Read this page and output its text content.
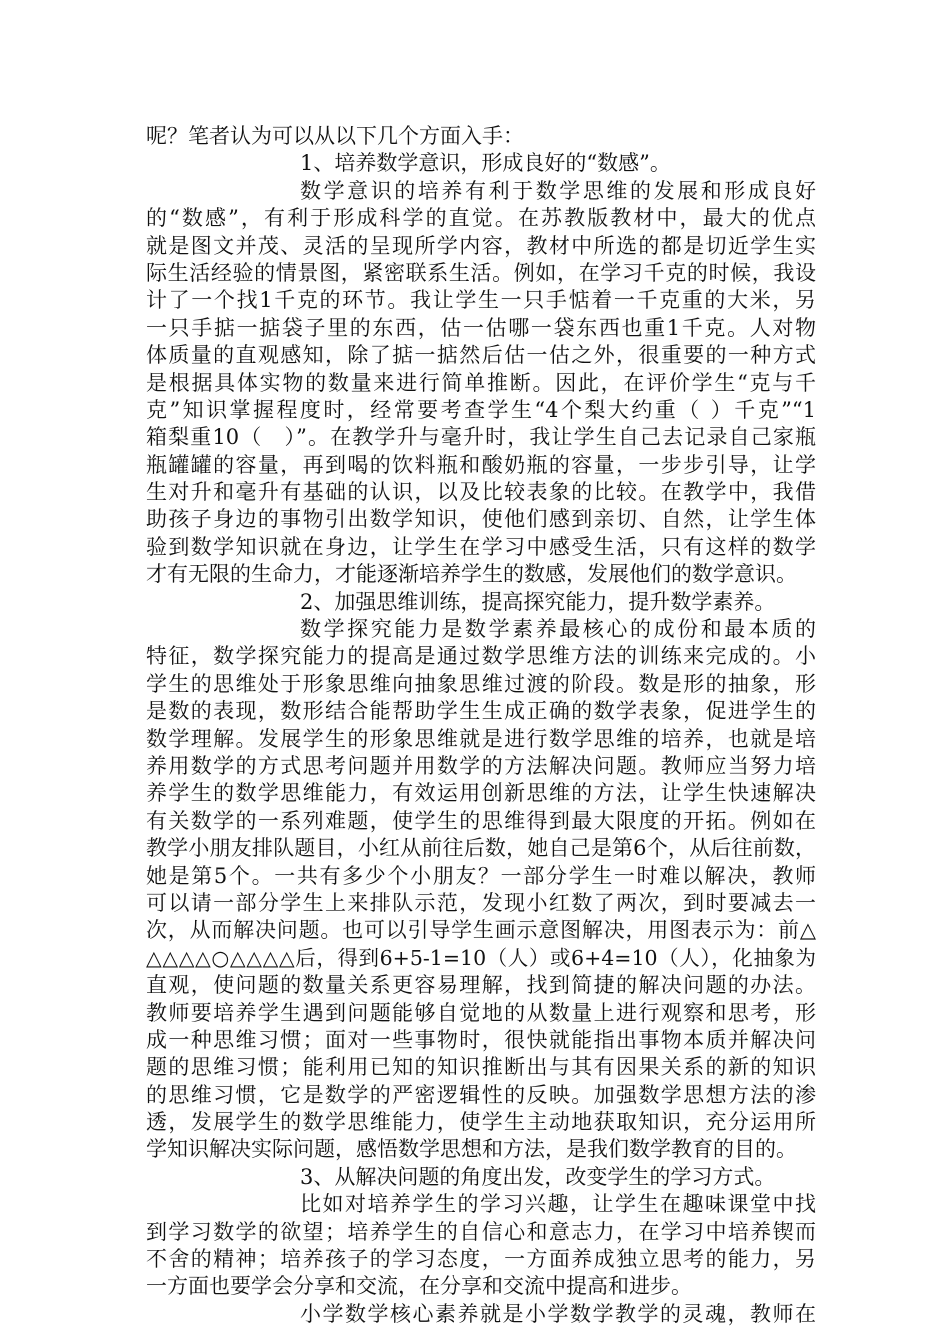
呢？笔者认为可以从以下几个方面入手：
1、培养数学意识，形成良好的“数感”。
数学意识的培养有利于数学思维的发展和形成良好
的“数感”，有利于形成科学的直觉。在苏教版教材中，最大的优点
就是图文并茂、灵活的呈现所学内容，教材中所选的都是切近学生实
际生活经验的情景图，紧密联系生活。例如，在学习千克的时候，我设
计了一个找1千克的环节。我让学生一只手惦着一千克重的大米，另
一只手掂一掂袋子里的东西，估一估哪一袋东西也重1千克。人对物
体质量的直观感知，除了掂一掂然后估一估之外，很重要的一种方式
是根据具体实物的数量来进行简单推断。因此，在评价学生“克与千
克”知识掌握程度时，经常要考查学生“4个梨大约重（ ）千克”“1
箱梨重10（　）”。在教学升与毫升时，我让学生自己去记录自己家瓶
瓶罐罐的容量，再到喝的饮料瓶和酸奶瓶的容量，一步步引导，让学
生对升和毫升有基础的认识，以及比较表象的比较。在教学中，我借
助孩子身边的事物引出数学知识，使他们感到亲切、自然，让学生体
验到数学知识就在身边，让学生在学习中感受生活，只有这样的数学
才有无限的生命力，才能逐渐培养学生的数感，发展他们的数学意识。
2、加强思维训练，提高探究能力，提升数学素养。
数学探究能力是数学素养最核心的成份和最本质的
特征，数学探究能力的提高是通过数学思维方法的训练来完成的。小
学生的思维处于形象思维向抽象思维过渡的阶段。数是形的抽象，形
是数的表现，数形结合能帮助学生生成正确的数学表象，促进学生的
数学理解。发展学生的形象思维就是进行数学思维的培养，也就是培
养用数学的方式思考问题并用数学的方法解决问题。教师应当努力培
养学生的数学思维能力，有效运用创新思维的方法，让学生快速解决
有关数学的一系列难题，使学生的思维得到最大限度的开拓。例如在
教学小朋友排队题目，小红从前往后数，她自己是第6个，从后往前数，
她是第5个。一共有多少个小朋友？一部分学生一时难以解决，教师
可以请一部分学生上来排队示范，发现小红数了两次，到时要减去一
次，从而解决问题。也可以引导学生画示意图解决，用图表示为：前△
△△△△○△△△△后，得到6+5-1=10（人）或6+4=10（人），化抽象为
直观，使问题的数量关系更容易理解，找到简捷的解决问题的办法。
教师要培养学生遇到问题能够自觉地的从数量上进行观察和思考，形
成一种思维习惯；面对一些事物时，很快就能指出事物本质并解决问
题的思维习惯；能利用已知的知识推断出与其有因果关系的新的知识
的思维习惯，它是数学的严密逻辑性的反映。加强数学思想方法的渗
透，发展学生的数学思维能力，使学生主动地获取知识，充分运用所
学知识解决实际问题，感悟数学思想和方法，是我们数学教育的目的。
3、从解决问题的角度出发，改变学生的学习方式。
比如对培养学生的学习兴趣，让学生在趣味课堂中找
到学习数学的欲望；培养学生的自信心和意志力，在学习中培养锲而
不舍的精神；培养孩子的学习态度，一方面养成独立思考的能力，另
一方面也要学会分享和交流，在分享和交流中提高和进步。
小学数学核心素养就是小学数学教学的灵魂，教师在
